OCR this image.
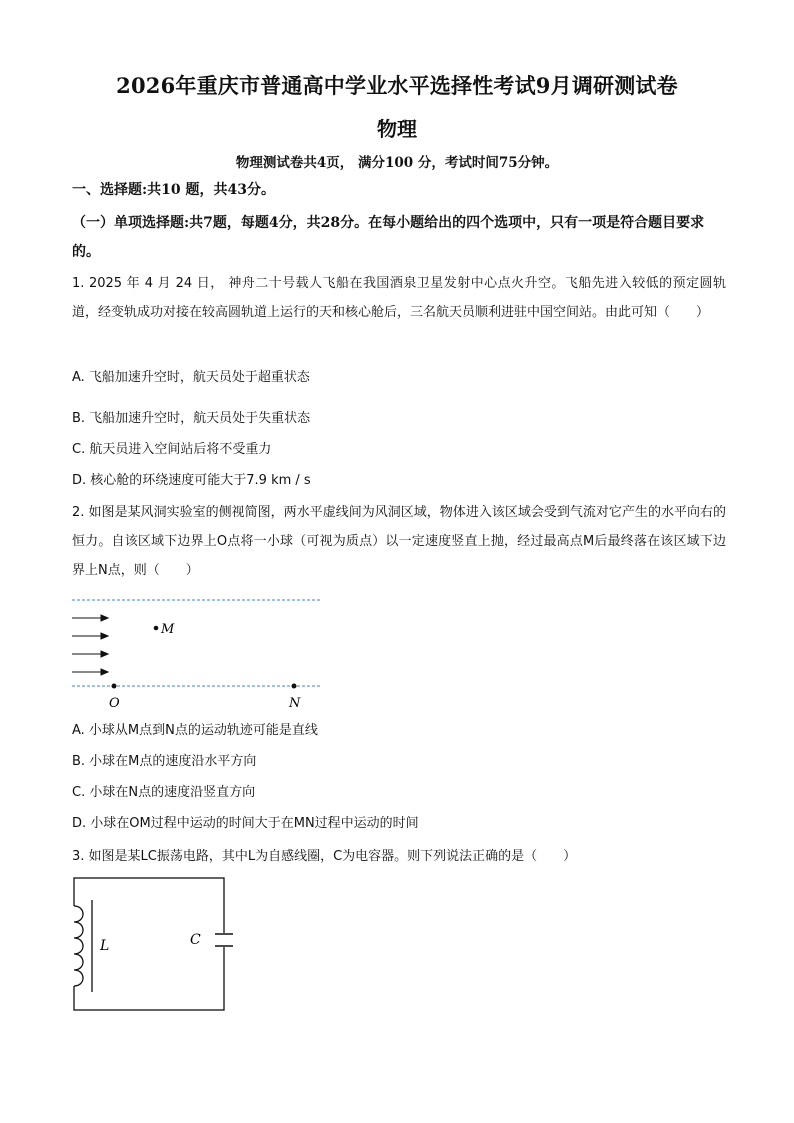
2026年重庆市普通高中学业水平选择性考试9月调研测试卷
物理
物理测试卷共4页， 满分100 分，考试时间75分钟。
一、选择题:共10 题，共43分。
（一）单项选择题:共7题，每题4分，共28分。在每小题给出的四个选项中，只有一项是符合题目要求的。
1. 2025 年 4 月 24 日， 神舟二十号载人飞船在我国酒泉卫星发射中心点火升空。飞船先进入较低的预定圆轨道，经变轨成功对接在较高圆轨道上运行的天和核心舱后，三名航天员顺利进驻中国空间站。由此可知（　　）
A. 飞船加速升空时，航天员处于超重状态
B. 飞船加速升空时，航天员处于失重状态
C. 航天员进入空间站后将不受重力
D. 核心舱的环绕速度可能大于7.9 km / s
2. 如图是某风洞实验室的侧视简图，两水平虚线间为风洞区域，物体进入该区域会受到气流对它产生的水平向右的恒力。自该区域下边界上O点将一小球（可视为质点）以一定速度竖直上抛，经过最高点M后最终落在该区域下边界上N点，则（　　）
M
O	N
A. 小球从M点到N点的运动轨迹可能是直线
B. 小球在M点的速度沿水平方向
C. 小球在N点的速度沿竖直方向
D. 小球在OM过程中运动的时间大于在MN过程中运动的时间
3. 如图是某LC振荡电路，其中L为自感线圈，C为电容器。则下列说法正确的是（　　）
L	C
